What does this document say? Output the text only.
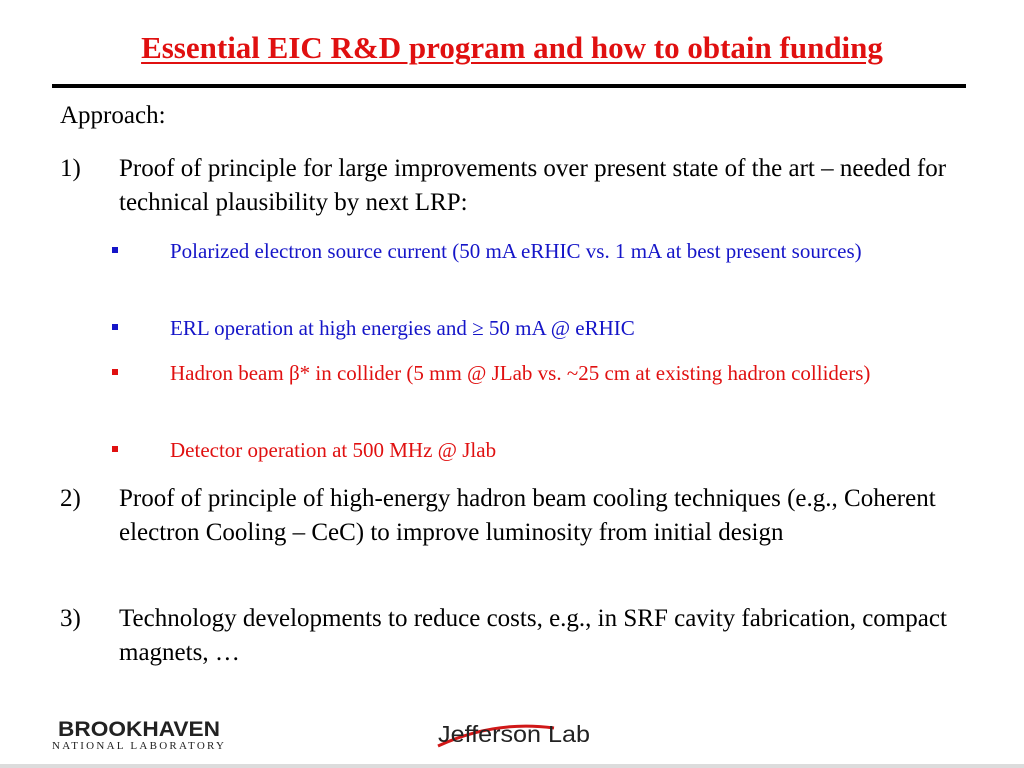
Essential EIC R&D program and how to obtain funding
Approach:
1) Proof of principle for large improvements over present state of the art – needed for technical plausibility by next LRP:
Polarized electron source current (50 mA eRHIC vs. 1 mA at best present sources)
ERL operation at high energies and ≥ 50 mA @ eRHIC
Hadron beam β* in collider (5 mm @ JLab vs. ~25 cm at existing hadron colliders)
Detector operation at 500 MHz @ Jlab
2) Proof of principle of high-energy hadron beam cooling techniques (e.g., Coherent electron Cooling – CeC) to improve luminosity from initial design
3) Technology developments to reduce costs, e.g., in SRF cavity fabrication, compact magnets, …
BROOKHAVEN
NATIONAL LABORATORY	Jefferson Lab
